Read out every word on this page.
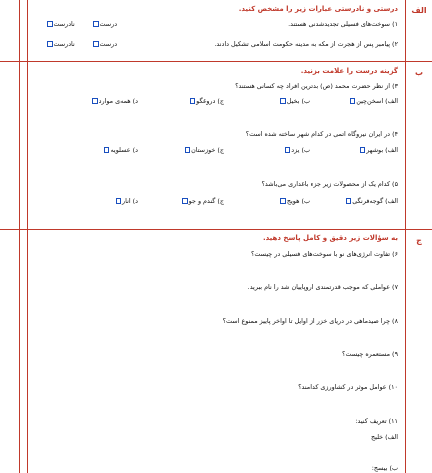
الف
درستی و نادرستی عبارات زیر را مشخص کنید.
۱) سوخت‌های فسیلی تجدیدشدنی هستند.
درست
نادرست
۲) پیامبر پس از هجرت از مکه به مدینه حکومت اسلامی تشکیل دادند.
درست
نادرست
ب
گزینه درست را علامت بزنید.
۳) از نظر حضرت محمد (ص) بدترین افراد چه کسانی هستند؟
الف) اسخن‌چین
ب) بخیل
ج) دروغگو
د) همه‌ی موارد
۴) در ایران نیروگاه اتمی در کدام شهر ساخته شده است؟
الف) بوشهر
ب) یزد
ج) خوزستان
د) عسلویه
۵) کدام یک از محصولات زیر جزء باغداری می‌باشد؟
الف) گوجه‌فرنگی
ب) هویج
ج) گندم و جو
د) انار
ج
به سؤالات زیر دقیق و کامل پاسخ دهید.
۶) تفاوت انرژی‌های نو با سوخت‌های فسیلی در چیست؟
۷) عواملی که موجب قدرتمندی اروپاییان شد را نام ببرید.
۸) چرا صیدماهی در دریای خزر از اوایل تا اواخر پاییز ممنوع است؟
۹) مستعمره چیست؟
۱۰) عوامل موثر در کشاورزی کدامند؟
۱۱) تعریف کنید:
الف) خلیج
ب) بیسج:
